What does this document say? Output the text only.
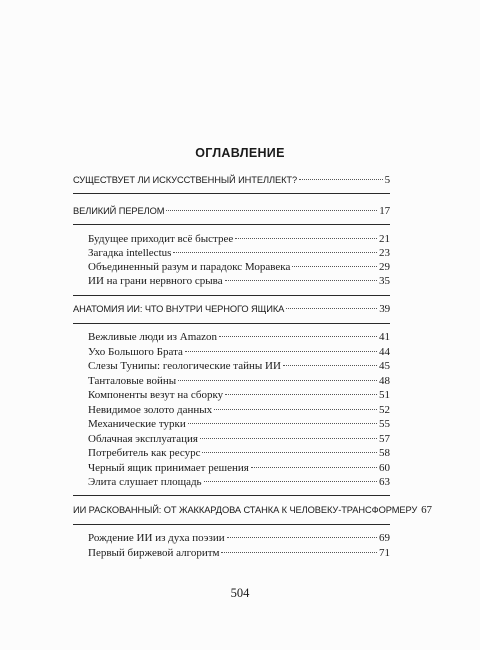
ОГЛАВЛЕНИЕ
СУЩЕСТВУЕТ ЛИ ИСКУССТВЕННЫЙ ИНТЕЛЛЕКТ?	5
ВЕЛИКИЙ ПЕРЕЛОМ	17
Будущее приходит всё быстрее	21
Загадка intellectus	23
Объединенный разум и парадокс Моравека	29
ИИ на грани нервного срыва	35
АНАТОМИЯ ИИ: ЧТО ВНУТРИ ЧЕРНОГО ЯЩИКА	39
Вежливые люди из Amazon	41
Ухо Большого Брата	44
Слезы Тунипы: геологические тайны ИИ	45
Танталовые войны	48
Компоненты везут на сборку	51
Невидимое золото данных	52
Механические турки	55
Облачная эксплуатация	57
Потребитель как ресурс	58
Черный ящик принимает решения	60
Элита слушает площадь	63
ИИ РАСКОВАННЫЙ: ОТ ЖАККАРДОВА СТАНКА К ЧЕЛОВЕКУ-ТРАНСФОРМЕРУ 67
Рождение ИИ из духа поэзии	69
Первый биржевой алгоритм	71
504
